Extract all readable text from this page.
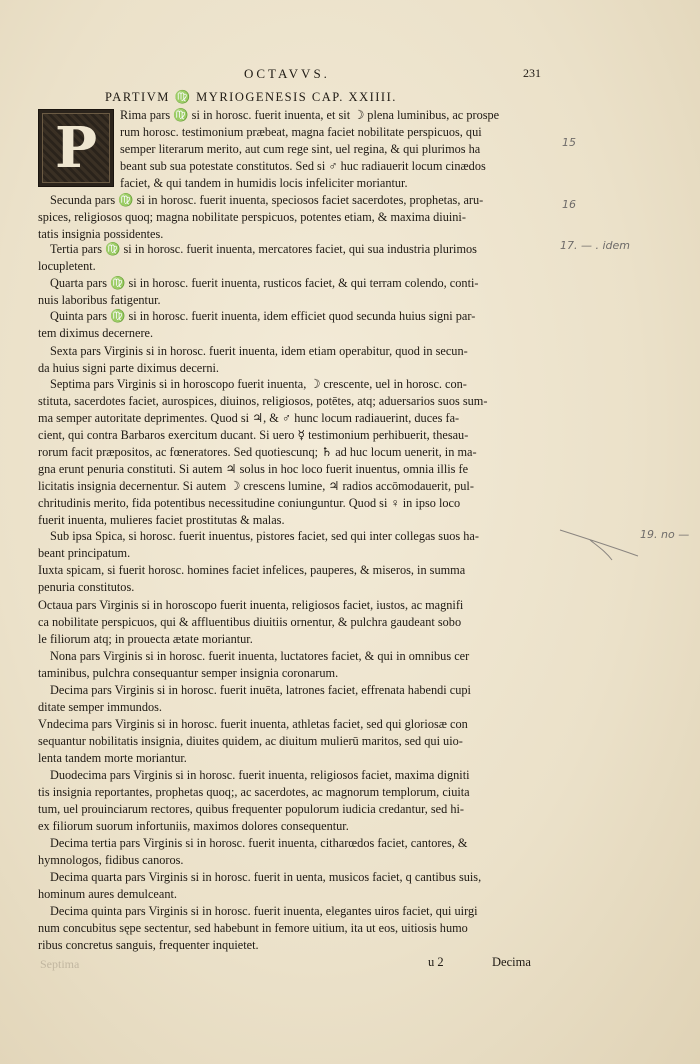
OCTAVVS.	231
PARTIVM ♍ MYRIOGENESIS CAP. XXIIII.
P Rima pars ♍ si in horosc. fuerit inuenta, et sit ☽ plena luminibus, ac prospe
rum horosc. testimonium præbeat, magna faciet nobilitate perspicuos, qui
semper literarum merito, aut cum rege sint, uel regina, & qui plurimos ha
beant sub sua potestate constitutos. Sed si ♂ huc radiauerit locum cinædos
faciet, & qui tandem in humidis locis infeliciter moriantur.
Secunda pars ♍ si in horosc. fuerit inuenta, speciosos faciet sacerdotes, prophetas, aru-
spices, religiosos quoq; magna nobilitate perspicuos, potentes etiam, & maxima diuini-
tatis insignia possidentes.
Tertia pars ♍ si in horosc. fuerit inuenta, mercatores faciet, qui sua industria plurimos
locupletent.
Quarta pars ♍ si in horosc. fuerit inuenta, rusticos faciet, & qui terram colendo, conti-
nuis laboribus fatigentur.
Quinta pars ♍ si in horosc. fuerit inuenta, idem efficiet quod secunda huius signi par-
tem diximus decernere.
Sexta pars Virginis si in horosc. fuerit inuenta, idem etiam operabitur, quod in secun-
da huius signi parte diximus decerni.
Septima pars Virginis si in horoscopo fuerit inuenta, ☽ crescente, uel in horosc. con-
stituta, sacerdotes faciet, aurospices, diuinos, religiosos, potētes, atq; aduersarios suos sum-
ma semper autoritate deprimentes. Quod si ♃, & ♂ hunc locum radiauerint, duces fa-
cient, qui contra Barbaros exercitum ducant. Si uero ☿ testimonium perhibuerit, thesau-
rorum facit præpositos, ac fœneratores. Sed quotiescunq; ♄ ad huc locum uenerit, in ma-
gna erunt penuria constituti. Si autem ♃ solus in hoc loco fuerit inuentus, omnia illis fe
licitatis insignia decernentur. Si autem ☽ crescens lumine, ♃ radios accōmodauerit, pul-
chritudinis merito, fida potentibus necessitudine coniunguntur. Quod si ♀ in ipso loco
fuerit inuenta, mulieres faciet prostitutas & malas.
Sub ipsa Spica, si horosc. fuerit inuentus, pistores faciet, sed qui inter collegas suos ha-
beant principatum.
Iuxta spicam, si fuerit horosc. homines faciet infelices, pauperes, & miseros, in summa
penuria constitutos.
Octaua pars Virginis si in horoscopo fuerit inuenta, religiosos faciet, iustos, ac magnifi
ca nobilitate perspicuos, qui & affluentibus diuitiis ornentur, & pulchra gaudeant sobo
le filiorum atq; in prouecta ætate moriantur.
Nona pars Virginis si in horosc. fuerit inuenta, luctatores faciet, & qui in omnibus cer
taminibus, pulchra consequantur semper insignia coronarum.
Decima pars Virginis si in horosc. fuerit inuēta, latrones faciet, effrenata habendi cupi
ditate semper immundos.
Vndecima pars Virginis si in horosc. fuerit inuenta, athletas faciet, sed qui gloriosæ con
sequantur nobilitatis insignia, diuites quidem, ac diuitum mulierū maritos, sed qui uio-
lenta tandem morte moriantur.
Duodecima pars Virginis si in horosc. fuerit inuenta, religiosos faciet, maxima digniti
tis insignia reportantes, prophetas quoq;, ac sacerdotes, ac magnorum templorum, ciuita
tum, uel prouinciarum rectores, quibus frequenter populorum iudicia credantur, sed hi-
ex filiorum suorum infortuniis, maximos dolores consequentur.
Decima tertia pars Virginis si in horosc. fuerit inuenta, citharœdos faciet, cantores, &
hymnologos, fidibus canoros.
Decima quarta pars Virginis si in horosc. fuerit in uenta, musicos faciet, q cantibus suis,
hominum aures demulceant.
Decima quinta pars Virginis si in horosc. fuerit inuenta, elegantes uiros faciet, qui uirgi
num concubitus sępe sectentur, sed habebunt in femore uitium, ita ut eos, uitiosis humo
ribus concretus sanguis, frequenter inquietet.
u 2	Decima
Septima
15
16
17. — . idem
19. no —
